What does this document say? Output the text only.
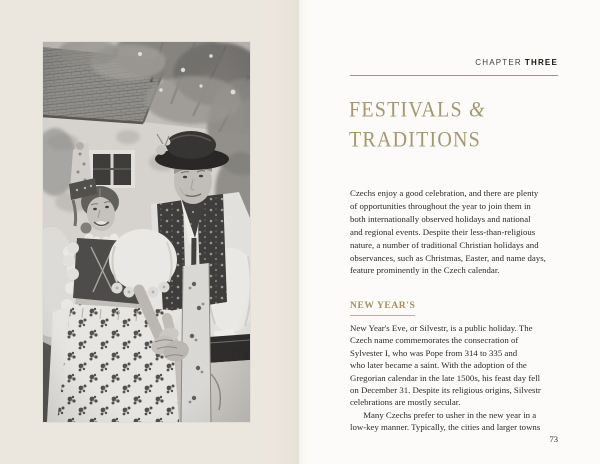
CHAPTER THREE
FESTIVALS &
TRADITIONS
Czechs enjoy a good celebration, and there are plenty
of opportunities throughout the year to join them in
both internationally observed holidays and national
and regional events. Despite their less-than-religious
nature, a number of traditional Christian holidays and
observances, such as Christmas, Easter, and name days,
feature prominently in the Czech calendar.
NEW YEAR'S
New Year's Eve, or Silvestr, is a public holiday. The
Czech name commemorates the consecration of
Sylvester I, who was Pope from 314 to 335 and
who later became a saint. With the adoption of the
Gregorian calendar in the late 1500s, his feast day fell
on December 31. Despite its religious origins, Silvestr
celebrations are mostly secular.
Many Czechs prefer to usher in the new year in a
low-key manner. Typically, the cities and larger towns
73
